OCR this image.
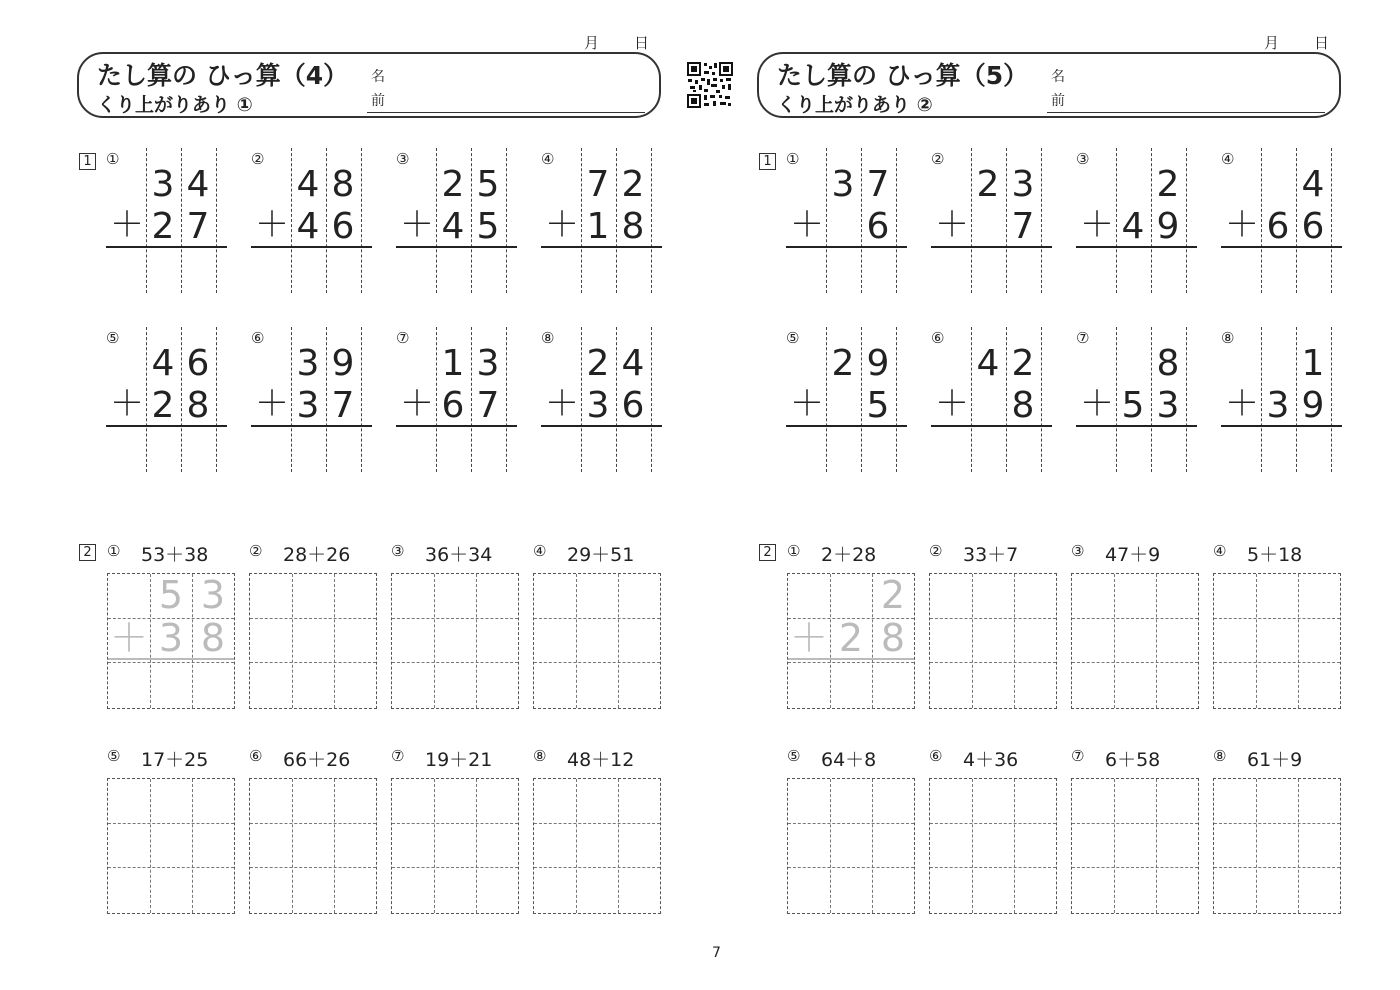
月 日
たし算の ひっ算（4）
くり上がりあり ①
名
前
1
2
①
3 4
2 7
＋
②
4 8
4 6
＋
③
2 5
4 5
＋
④
7 2
1 8
＋
⑤
4 6
2 8
＋
⑥
3 9
3 7
＋
⑦
1 3
6 7
＋
⑧
2 4
3 6
＋
① 53＋38
5 3
3 8
＋
② 28＋26	③ 36＋34	④ 29＋51
⑤ 17＋25	⑥ 66＋26	⑦ 19＋21	⑧ 48＋12
月 日
たし算の ひっ算（5）
くり上がりあり ②
名
前
1
2
①
3 7
6
＋
②
2 3
7
＋
③
2
4 9
＋
④
4
6 6
＋
⑤
2 9
5
＋
⑥
4 2
8
＋
⑦
8
5 3
＋
⑧
1
3 9
＋
① 2＋28
2
2 8
＋
② 33＋7	③ 47＋9	④ 5＋18
⑤ 64＋8	⑥ 4＋36	⑦ 6＋58	⑧ 61＋9
7
